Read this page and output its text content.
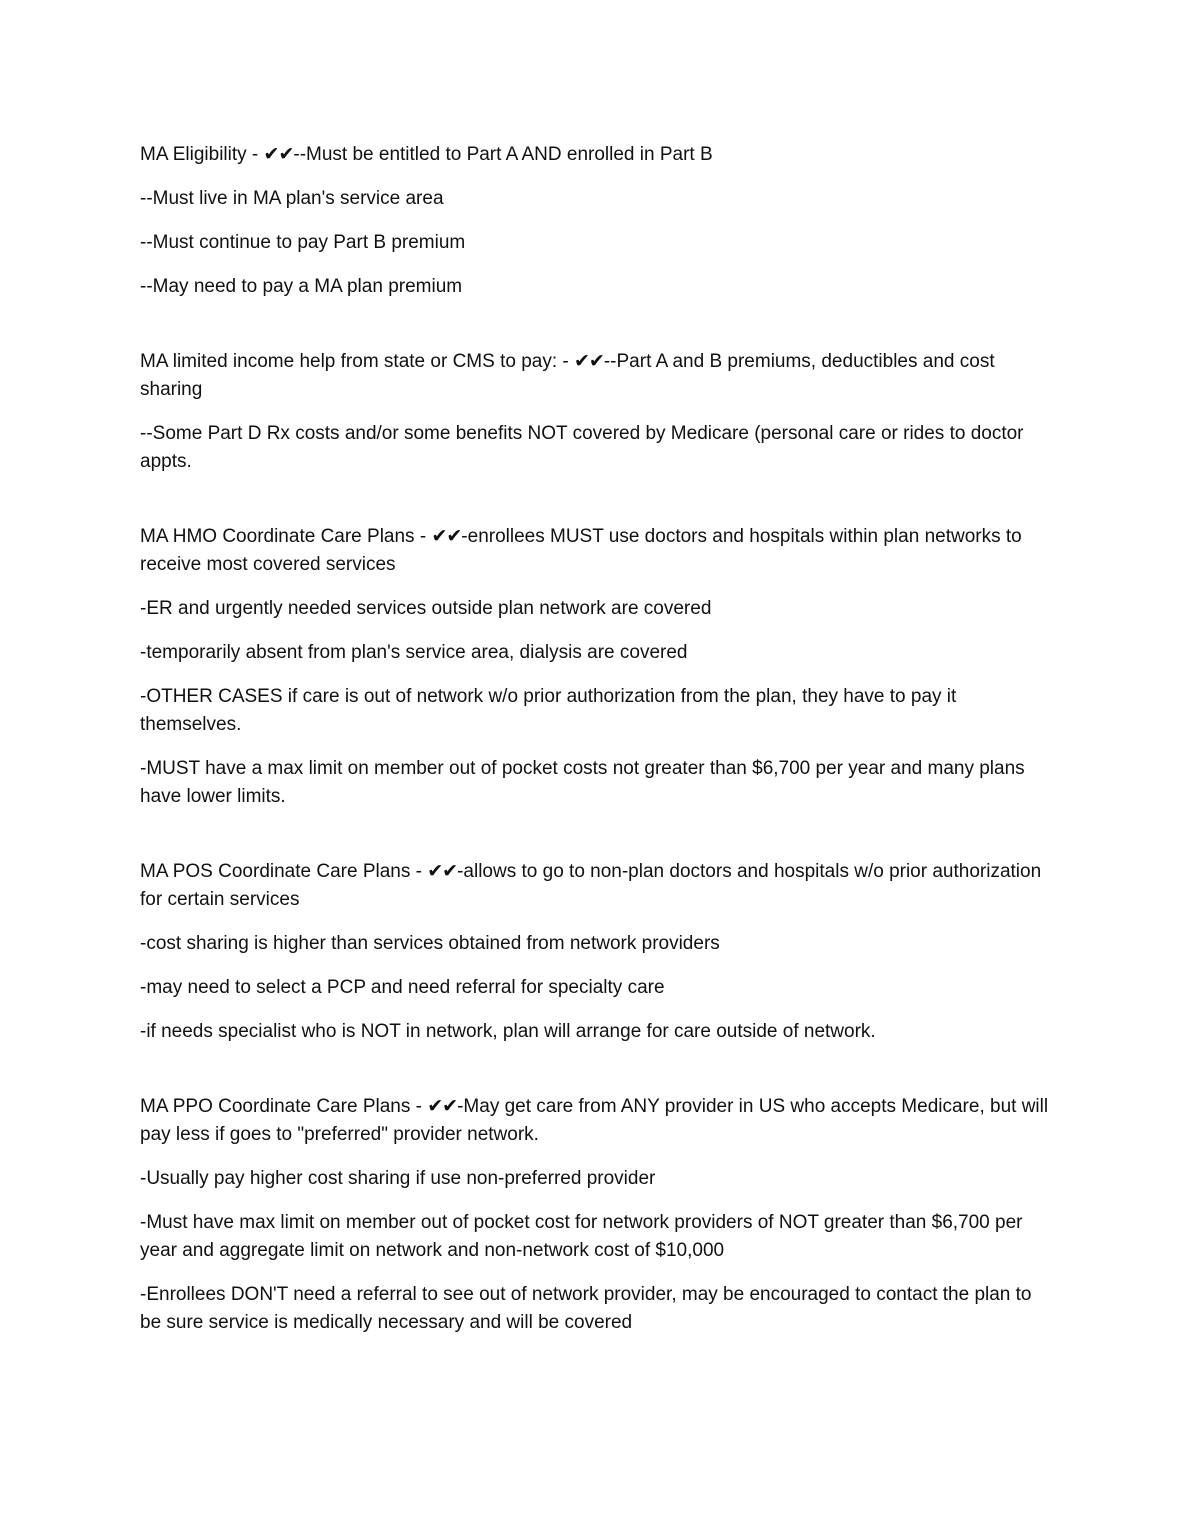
MA Eligibility - ✔✔--Must be entitled to Part A AND enrolled in Part B

--Must live in MA plan's service area

--Must continue to pay Part B premium

--May need to pay a MA plan premium

MA limited income help from state or CMS to pay: - ✔✔--Part A and B premiums, deductibles and cost sharing

--Some Part D Rx costs and/or some benefits NOT covered by Medicare (personal care or rides to doctor appts.

MA HMO Coordinate Care Plans - ✔✔-enrollees MUST use doctors and hospitals within plan networks to receive most covered services

-ER and urgently needed services outside plan network are covered

-temporarily absent from plan's service area, dialysis are covered

-OTHER CASES if care is out of network w/o prior authorization from the plan, they have to pay it themselves.

-MUST have a max limit on member out of pocket costs not greater than $6,700 per year and many plans have lower limits.

MA POS Coordinate Care Plans - ✔✔-allows to go to non-plan doctors and hospitals w/o prior authorization for certain services

-cost sharing is higher than services obtained from network providers

-may need to select a PCP and need referral for specialty care

-if needs specialist who is NOT in network, plan will arrange for care outside of network.

MA PPO Coordinate Care Plans - ✔✔-May get care from ANY provider in US who accepts Medicare, but will pay less if goes to "preferred" provider network.

-Usually pay higher cost sharing if use non-preferred provider

-Must have max limit on member out of pocket cost for network providers of NOT greater than $6,700 per year and aggregate limit on network and non-network cost of $10,000

-Enrollees DON'T need a referral to see out of network provider, may be encouraged to contact the plan to be sure service is medically necessary and will be covered
